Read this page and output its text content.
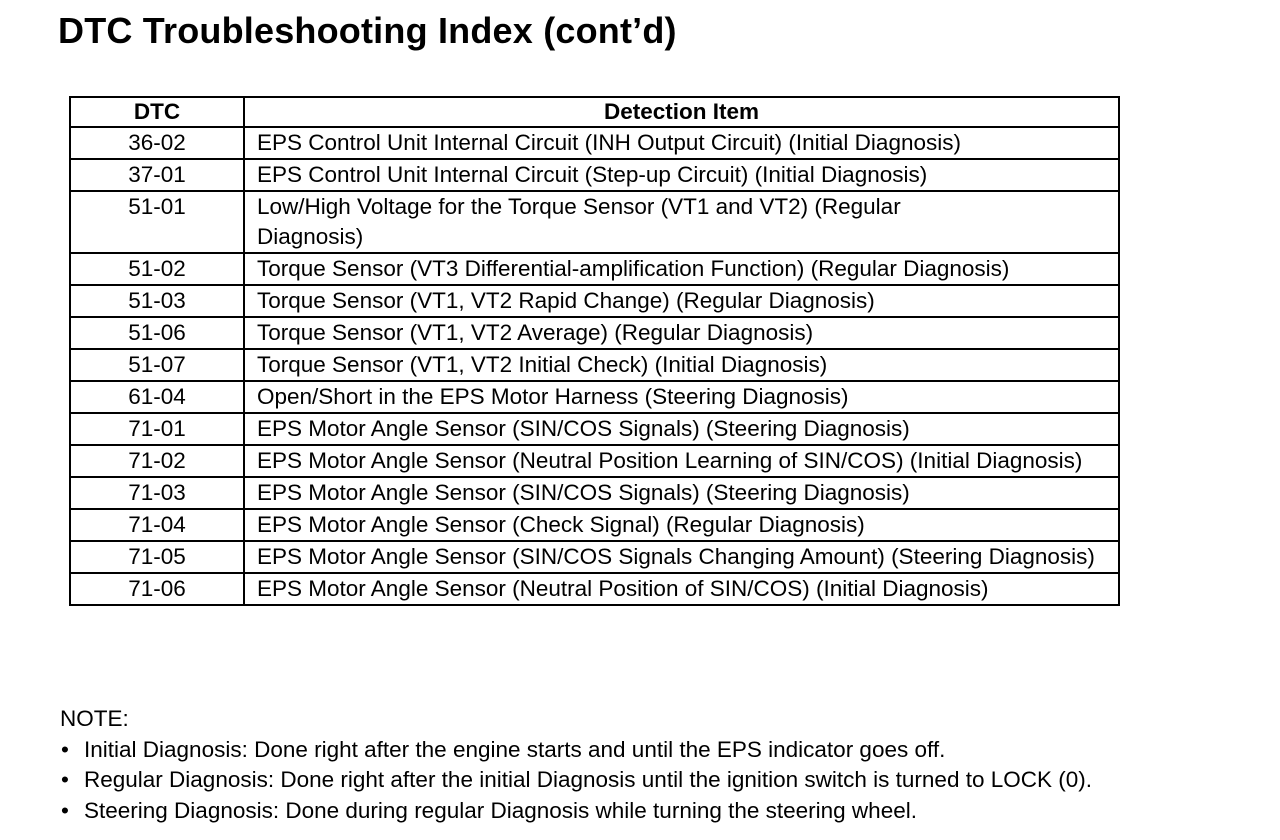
DTC Troubleshooting Index (cont’d)
DTC	Detection Item
36-02	EPS Control Unit Internal Circuit (INH Output Circuit) (Initial Diagnosis)
37-01	EPS Control Unit Internal Circuit (Step-up Circuit) (Initial Diagnosis)
51-01	Low/High Voltage for the Torque Sensor (VT1 and VT2) (Regular Diagnosis)
51-02	Torque Sensor (VT3 Differential-amplification Function) (Regular Diagnosis)
51-03	Torque Sensor (VT1, VT2 Rapid Change) (Regular Diagnosis)
51-06	Torque Sensor (VT1, VT2 Average) (Regular Diagnosis)
51-07	Torque Sensor (VT1, VT2 Initial Check) (Initial Diagnosis)
61-04	Open/Short in the EPS Motor Harness (Steering Diagnosis)
71-01	EPS Motor Angle Sensor (SIN/COS Signals) (Steering Diagnosis)
71-02	EPS Motor Angle Sensor (Neutral Position Learning of SIN/COS) (Initial Diagnosis)
71-03	EPS Motor Angle Sensor (SIN/COS Signals) (Steering Diagnosis)
71-04	EPS Motor Angle Sensor (Check Signal) (Regular Diagnosis)
71-05	EPS Motor Angle Sensor (SIN/COS Signals Changing Amount) (Steering Diagnosis)
71-06	EPS Motor Angle Sensor (Neutral Position of SIN/COS) (Initial Diagnosis)
NOTE:
• Initial Diagnosis: Done right after the engine starts and until the EPS indicator goes off.
• Regular Diagnosis: Done right after the initial Diagnosis until the ignition switch is turned to LOCK (0).
• Steering Diagnosis: Done during regular Diagnosis while turning the steering wheel.
